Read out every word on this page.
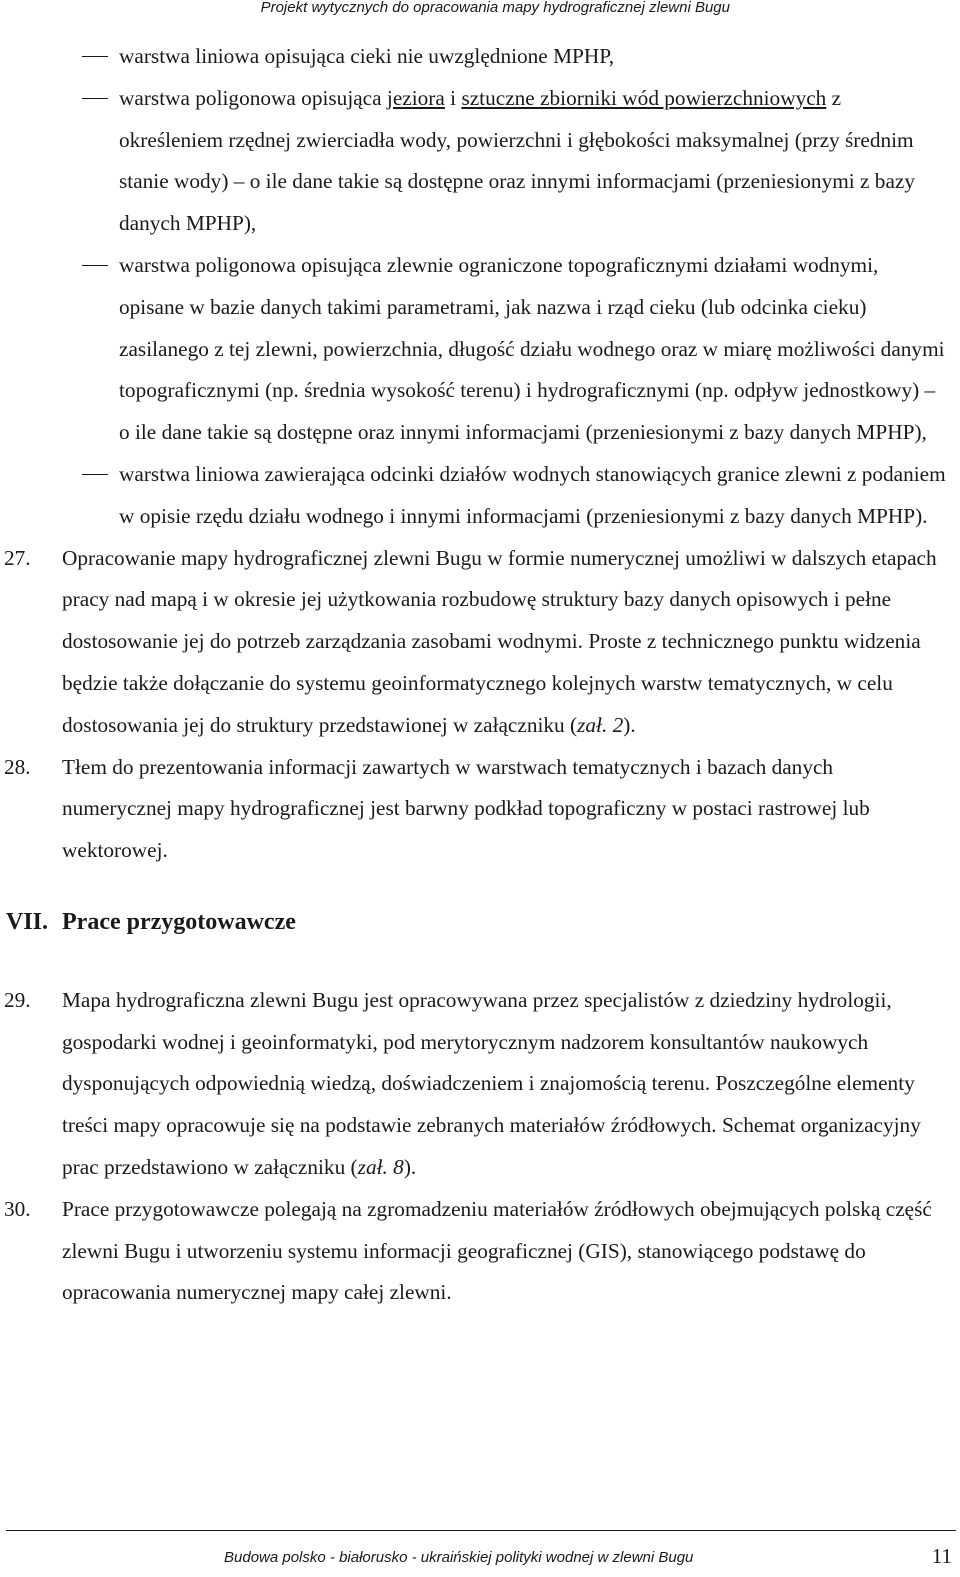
Projekt wytycznych do opracowania mapy hydrograficznej zlewni Bugu
warstwa liniowa opisująca cieki nie uwzględnione MPHP,
warstwa poligonowa opisująca jeziora i sztuczne zbiorniki wód powierzchniowych z określeniem rzędnej zwierciadła wody, powierzchni i głębokości maksymalnej (przy średnim stanie wody) – o ile dane takie są dostępne oraz innymi informacjami (przeniesionymi z bazy danych MPHP),
warstwa poligonowa opisująca zlewnie ograniczone topograficznymi działami wodnymi, opisane w bazie danych takimi parametrami, jak nazwa i rząd cieku (lub odcinka cieku) zasilanego z tej zlewni, powierzchnia, długość działu wodnego oraz w miarę możliwości danymi topograficznymi (np. średnia wysokość terenu) i hydrograficznymi (np. odpływ jednostkowy) – o ile dane takie są dostępne oraz innymi informacjami (przeniesionymi z bazy danych MPHP),
warstwa liniowa zawierająca odcinki działów wodnych stanowiących granice zlewni z podaniem w opisie rzędu działu wodnego i innymi informacjami (przeniesionymi z bazy danych MPHP).
27. Opracowanie mapy hydrograficznej zlewni Bugu w formie numerycznej umożliwi w dalszych etapach pracy nad mapą i w okresie jej użytkowania rozbudowę struktury bazy danych opisowych i pełne dostosowanie jej do potrzeb zarządzania zasobami wodnymi. Proste z technicznego punktu widzenia będzie także dołączanie do systemu geoinformatycznego kolejnych warstw tematycznych, w celu dostosowania jej do struktury przedstawionej w załączniku (zał. 2).
28. Tłem do prezentowania informacji zawartych w warstwach tematycznych i bazach danych numerycznej mapy hydrograficznej jest barwny podkład topograficzny w postaci rastrowej lub wektorowej.
VII. Prace przygotowawcze
29. Mapa hydrograficzna zlewni Bugu jest opracowywana przez specjalistów z dziedziny hydrologii, gospodarki wodnej i geoinformatyki, pod merytorycznym nadzorem konsultantów naukowych dysponujących odpowiednią wiedzą, doświadczeniem i znajomością terenu. Poszczególne elementy treści mapy opracowuje się na podstawie zebranych materiałów źródłowych. Schemat organizacyjny prac przedstawiono w załączniku (zał. 8).
30. Prace przygotowawcze polegają na zgromadzeniu materiałów źródłowych obejmujących polską część zlewni Bugu i utworzeniu systemu informacji geograficznej (GIS), stanowiącego podstawę do opracowania numerycznej mapy całej zlewni.
Budowa polsko - białorusko - ukraińskiej polityki wodnej w zlewni Bugu	11
